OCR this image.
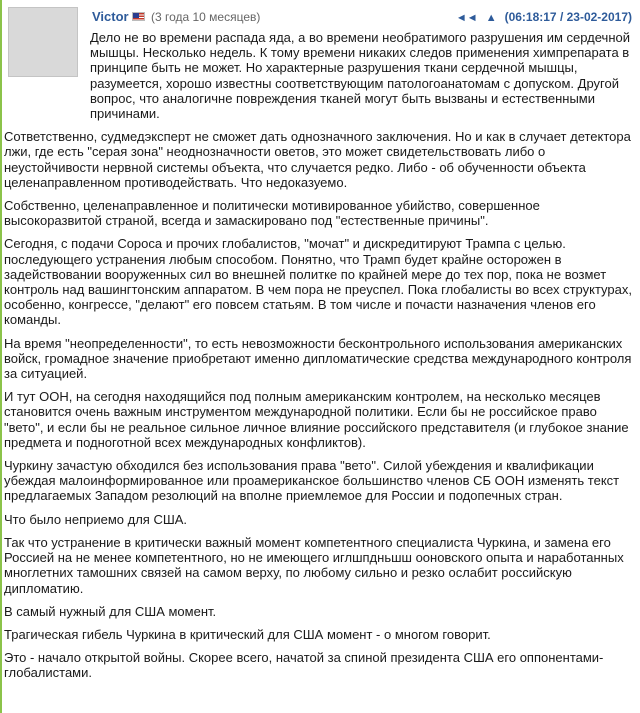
Victor (3 года 10 месяцев)	◄◄ ▲ (06:18:17 / 23-02-2017)

Дело не во времени распада яда, а во времени необратимого разрушения им сердечной мышцы. Несколько недель. К тому времени никаких следов применения химпрепарата в принципе быть не может. Но характерные разрушения ткани сердечной мышцы, разумеется, хорошо известны соответствующим патологоанатомам с допуском. Другой вопрос, что аналогичне повреждения тканей могут быть вызваны и естественными причинами.

Сответственно, судмедэксперт не сможет дать однозначного заключения. Но и как в случает детектора лжи, где есть "серая зона" неоднозначности оветов, это может свидетельствовать либо о неустойчивости нервной системы объекта, что случается редко. Либо - об обученности объекта целенаправленном противодействать. Что недоказуемо.

Собственно, целенаправленное и политически мотивированное убийство, совершенное высокоразвитой страной, всегда и замаскировано под "естественные причины".

Сегодня, с подачи Сороса и прочих глобалистов, "мочат" и дискредитируют Трампа с целью. последующего устранения любым способом. Понятно, что Трамп будет крайне осторожен в задействовании вооруженных сил во внешней политке по крайней мере до тех пор, пока не возмет контроль над вашингтонским аппаратом. В чем пора не преуспел. Пока глобалисты во всех структурах, особенно, конгрессе, "делают" его повсем статьям. В том числе и почасти назначения членов его команды.

На время "неопределенности", то есть невозможности бесконтрольного использования американских войск, громадное значение приобретают именно дипломатические средства международного контроля за ситуацией.

И тут ООН, на сегодня находящийся под полным американским контролем, на несколько месяцев становится очень важным инструментом международной политики. Если бы не российское право "вето", и если бы не реальное сильное личное влияние российского представителя (и глубокое знание предмета и подноготной всех международных конфликтов).

Чуркину зачастую обходился без использования права "вето". Силой убеждения и квалификации убеждая малоинформированное или проамериканское большинство членов СБ ООН изменять текст предлагаемых Западом резолюций на вполне приемлемое для России и подопечных стран.

Что было неприемо для США.

Так что устранение в критически важный момент компетентного специалиста Чуркина, и замена его Россией на не менее компетентного, но не имеющего иглшпдньшш ооновского опыта и наработанных многлетних тамошних связей на самом верху, по любому сильно и резко ослабит российскую дипломатию.

В самый нужный для США момент.

Трагическая гибель Чуркина в критический для США момент - о многом говорит.

Это - начало открытой войны. Скорее всего, начатой за спиной президента США его оппонентами-глобалистами.
